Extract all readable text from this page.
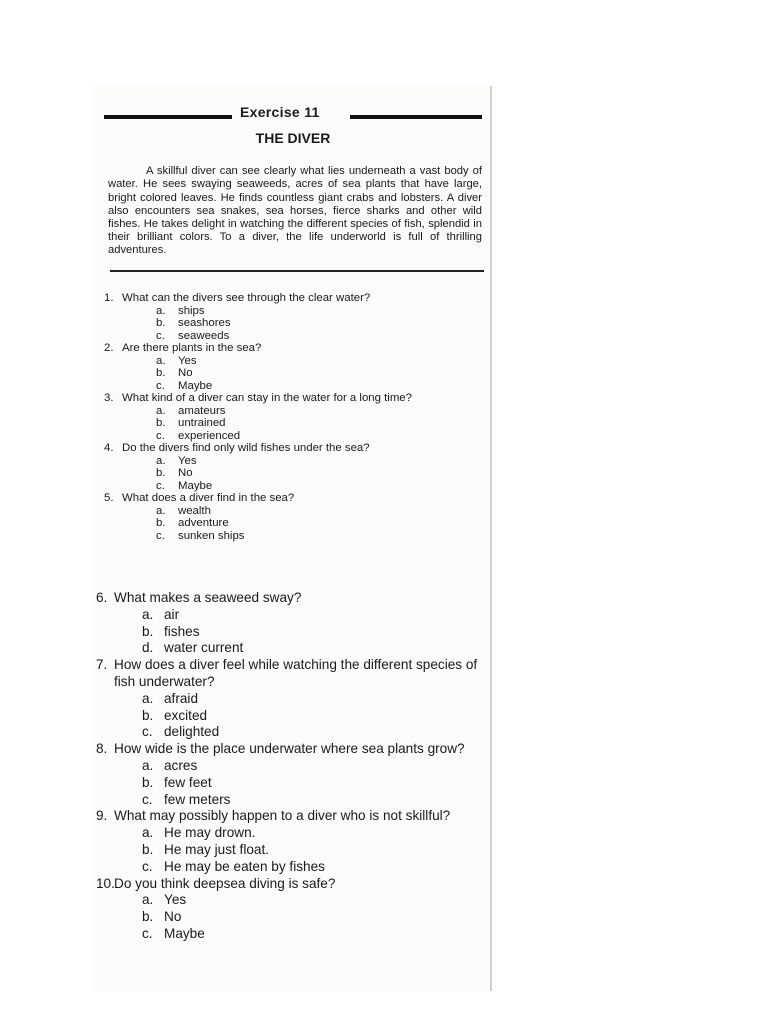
Exercise 11
THE DIVER

A skillful diver can see clearly what lies underneath a vast body of water. He sees swaying seaweeds, acres of sea plants that have large, bright colored leaves. He finds countless giant crabs and lobsters. A diver also encounters sea snakes, sea horses, fierce sharks and other wild fishes. He takes delight in watching the different species of fish, splendid in their brilliant colors. To a diver, the life underworld is full of thrilling adventures.

1. What can the divers see through the clear water?
a. ships
b. seashores
c. seaweeds
2. Are there plants in the sea?
a. Yes
b. No
c. Maybe
3. What kind of a diver can stay in the water for a long time?
a. amateurs
b. untrained
c. experienced
4. Do the divers find only wild fishes under the sea?
a. Yes
b. No
c. Maybe
5. What does a diver find in the sea?
a. wealth
b. adventure
c. sunken ships
6. What makes a seaweed sway?
a. air
b. fishes
d. water current
7. How does a diver feel while watching the different species of fish underwater?
a. afraid
b. excited
c. delighted
8. How wide is the place underwater where sea plants grow?
a. acres
b. few feet
c. few meters
9. What may possibly happen to a diver who is not skillful?
a. He may drown.
b. He may just float.
c. He may be eaten by fishes
10.Do you think deepsea diving is safe?
a. Yes
b. No
c. Maybe
